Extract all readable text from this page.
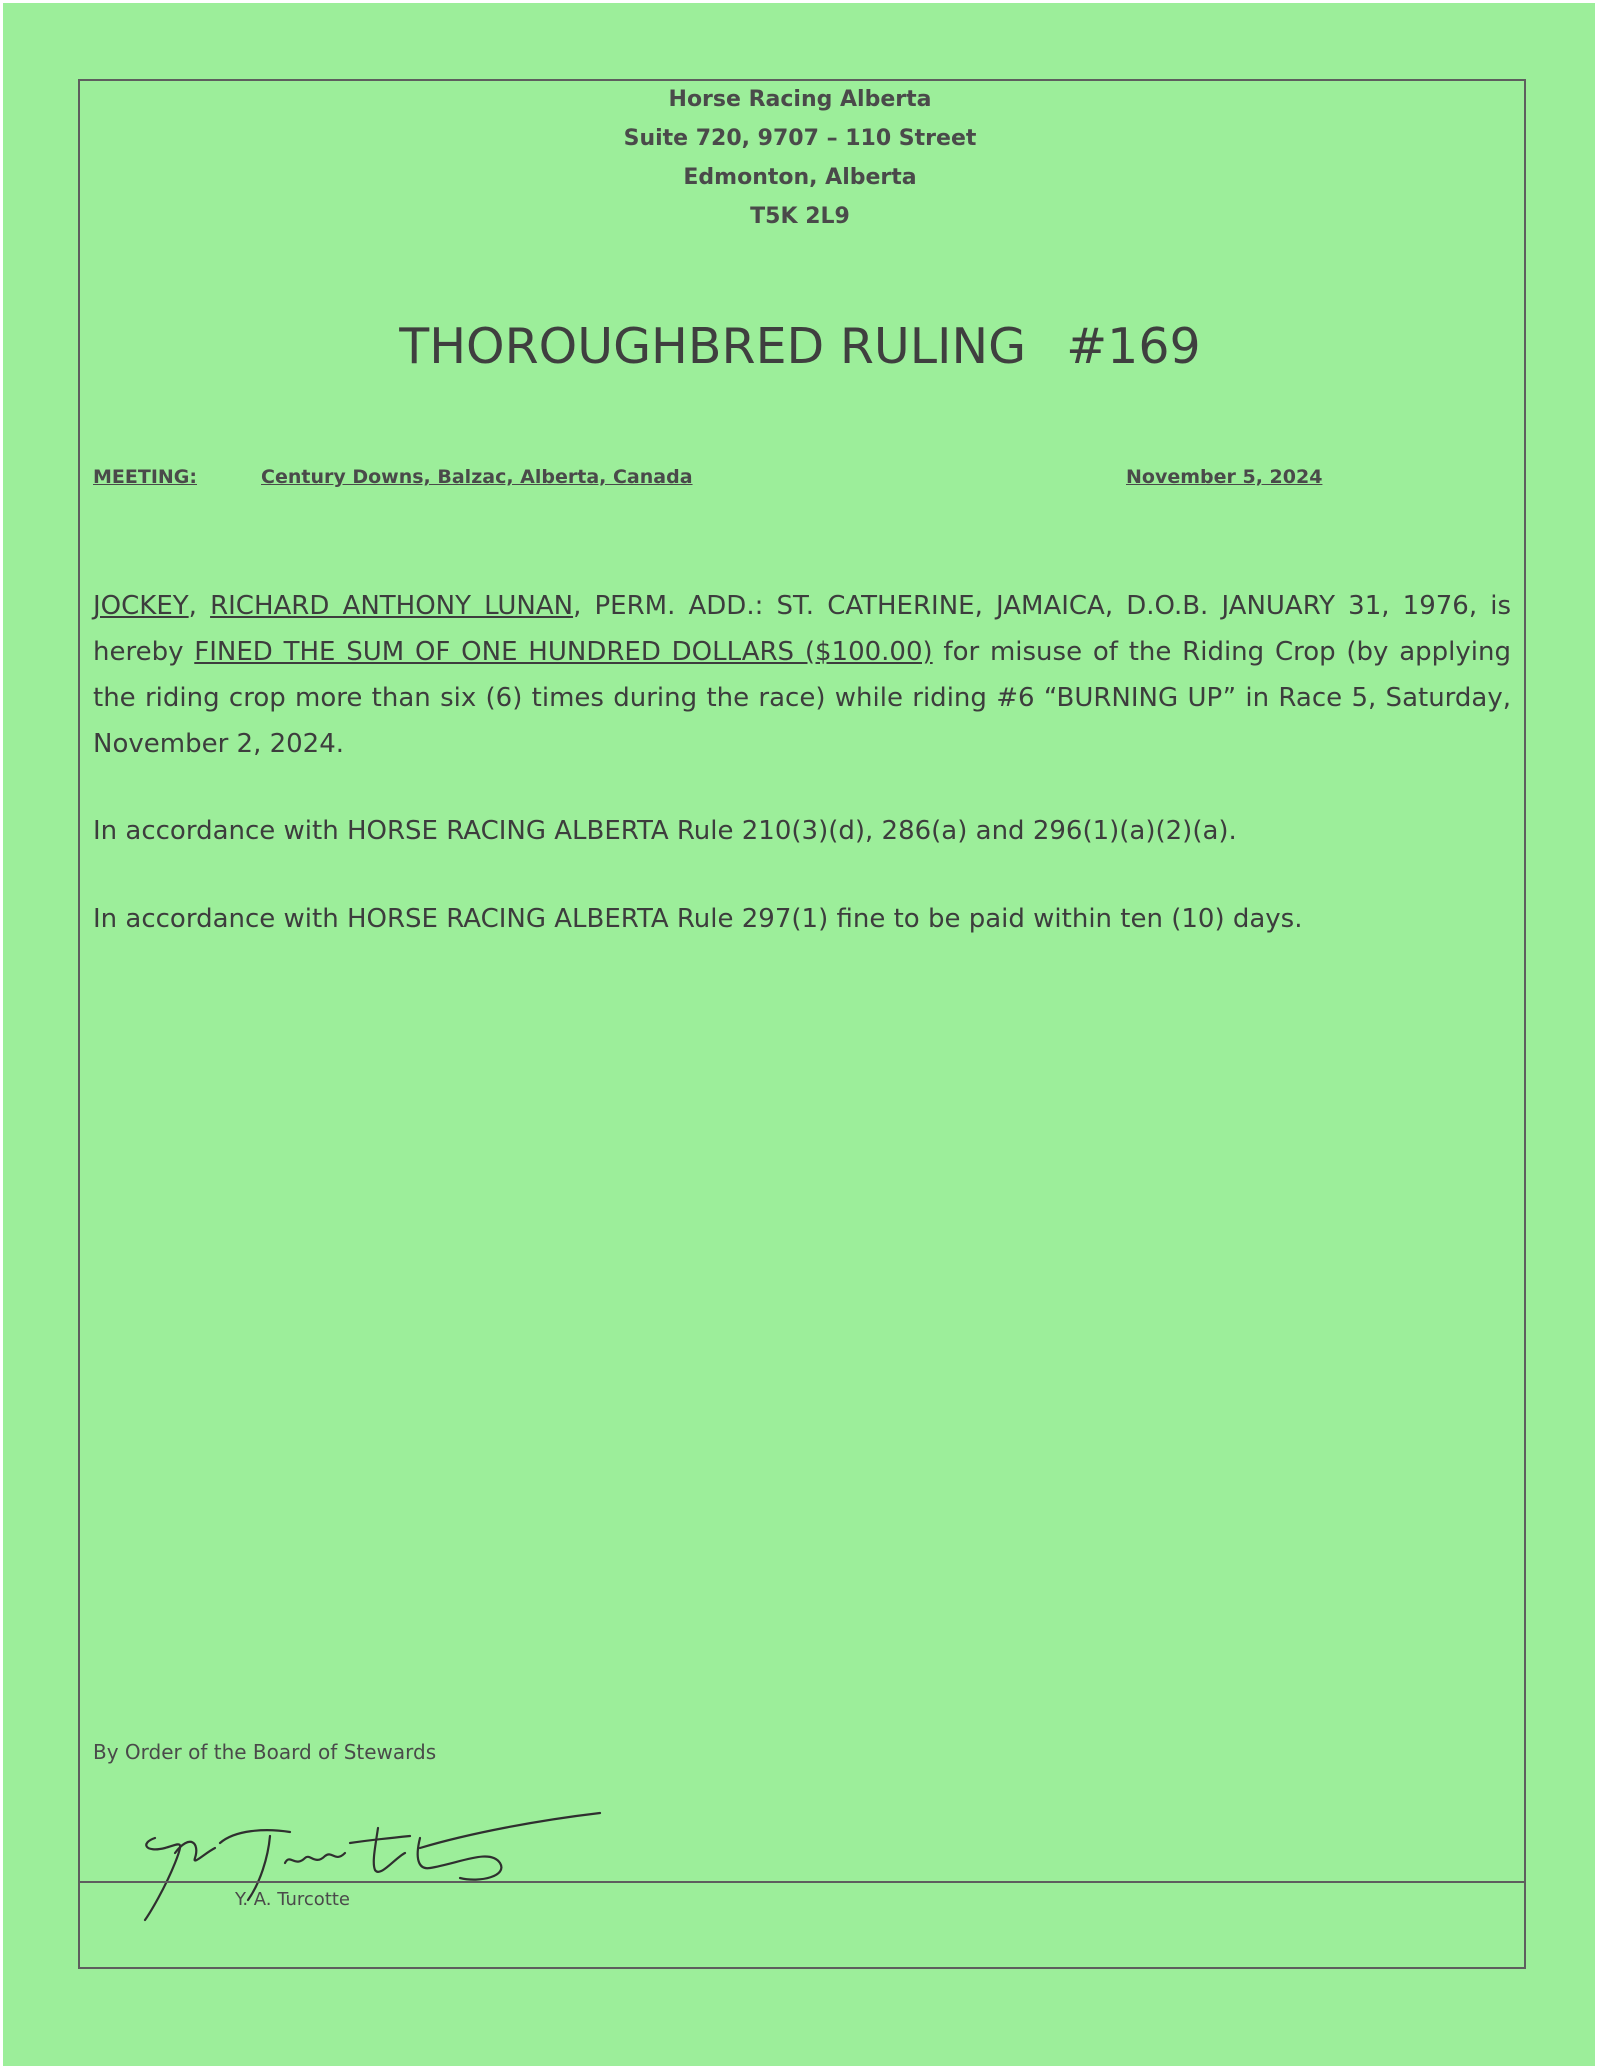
Horse Racing Alberta
Suite 720, 9707 – 110 Street
Edmonton, Alberta
T5K 2L9
THOROUGHBRED RULING #169
MEETING:	Century Downs, Balzac, Alberta, Canada	November 5, 2024
JOCKEY, RICHARD ANTHONY LUNAN, PERM. ADD.: ST. CATHERINE, JAMAICA, D.O.B. JANUARY 31, 1976, is hereby FINED THE SUM OF ONE HUNDRED DOLLARS ($100.00) for misuse of the Riding Crop (by applying the riding crop more than six (6) times during the race) while riding #6 “BURNING UP” in Race 5, Saturday, November 2, 2024.
In accordance with HORSE RACING ALBERTA Rule 210(3)(d), 286(a) and 296(1)(a)(2)(a).
In accordance with HORSE RACING ALBERTA Rule 297(1) fine to be paid within ten (10) days.
By Order of the Board of Stewards
Y. A. Turcotte
